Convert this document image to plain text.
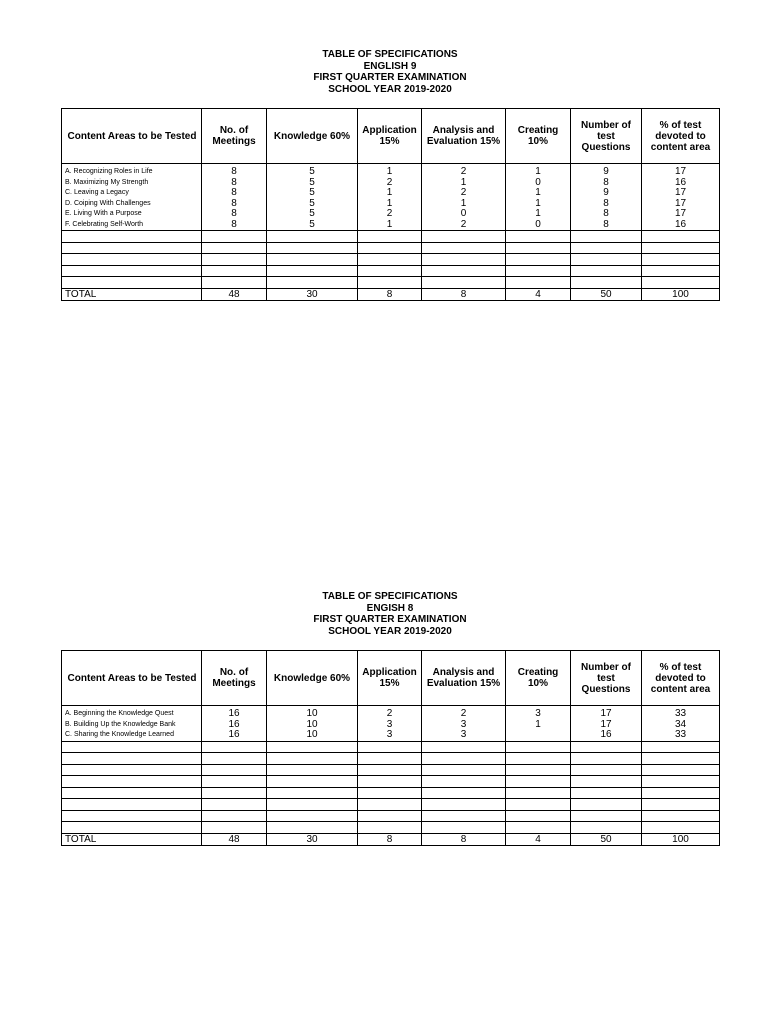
TABLE OF SPECIFICATIONS
ENGLISH 9
FIRST QUARTER EXAMINATION
SCHOOL YEAR 2019-2020
Content Areas to be Tested	No. of Meetings	Knowledge 60%	Application 15%	Analysis and Evaluation 15%	Creating 10%	Number of test Questions	% of test devoted to content area

A. Recognizing Roles in Life	8	5	1	2	1	9	17
B. Maximizing My Strength	8	5	2	1	0	8	16
C. Leaving a Legacy	8	5	1	2	1	9	17
D. Coiping With Challenges	8	5	1	1	1	8	17
E. Living With a Purpose	8	5	2	0	1	8	17
F. Celebrating Self-Worth	8	5	1	2	0	8	16

TOTAL	48	30	8	8	4	50	100
TABLE OF SPECIFICATIONS
ENGISH 8
FIRST QUARTER EXAMINATION
SCHOOL YEAR 2019-2020
Content Areas to be Tested	No. of Meetings	Knowledge 60%	Application 15%	Analysis and Evaluation 15%	Creating 10%	Number of test Questions	% of test devoted to content area

A. Beginning the Knowledge Quest	16	10	2	2	3	17	33
B. Building Up the Knowledge Bank	16	10	3	3	1	17	34
C. Sharing the Knowledge Learned	16	10	3	3		16	33

TOTAL	48	30	8	8	4	50	100
